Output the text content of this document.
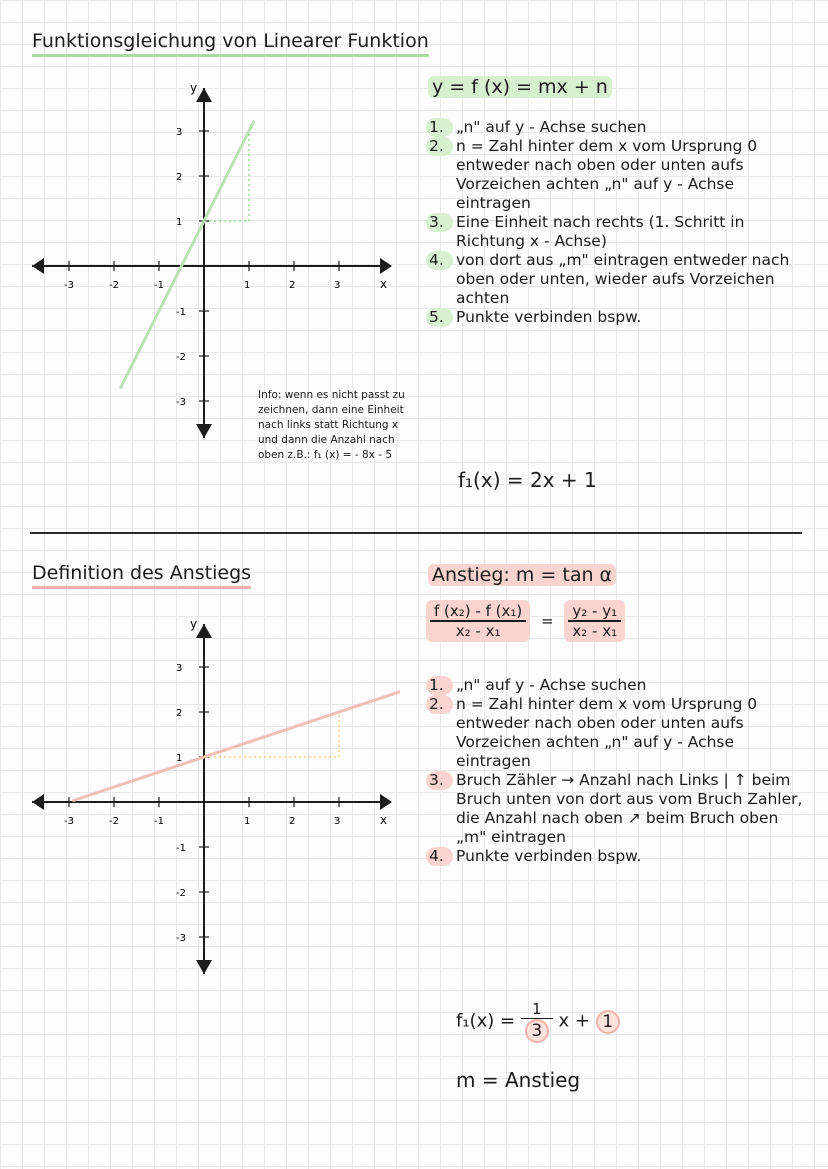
Funktionsgleichung von Linearer Funktion
x
y
-3	-2	-1	1	2	3
3
2
1
-1
-2
-3
Info: wenn es nicht passt zu zeichnen, dann eine Einheit nach links statt Richtung x und dann die Anzahl nach oben z.B.: f₁ (x) = - 8x - 5
y = f (x) = mx + n
1. „n" auf y - Achse suchen
2. n = Zahl hinter dem x vom Ursprung 0 entweder nach oben oder unten aufs Vorzeichen achten „n" auf y - Achse eintragen
3. Eine Einheit nach rechts (1. Schritt in Richtung x - Achse)
4. von dort aus „m" eintragen entweder nach oben oder unten, wieder aufs Vorzeichen achten
5. Punkte verbinden bspw.
f₁(x) = 2x + 1
Definition des Anstiegs
x
y
-3	-2	-1	1	2	3
3
2
1
-1
-2
-3
Anstieg: m = tan α
$\frac{\text{f (x₂) - f (x₁)}}{\text{x₂ - x₁}} = \frac{\text{y₂ - y₁}}{\text{x₂ - x₁}}$
1. „n" auf y - Achse suchen
2. n = Zahl hinter dem x vom Ursprung 0 entweder nach oben oder unten aufs Vorzeichen achten „n" auf y - Achse eintragen
3. Bruch Zähler → Anzahl nach Links | ↑ beim Bruch unten von dort aus vom Bruch Zahler, die Anzahl nach oben ↗ beim Bruch oben „m" eintragen
4. Punkte verbinden bspw.
$f_1(x) = \frac{1}{3}$ x + 1
m = Anstieg
